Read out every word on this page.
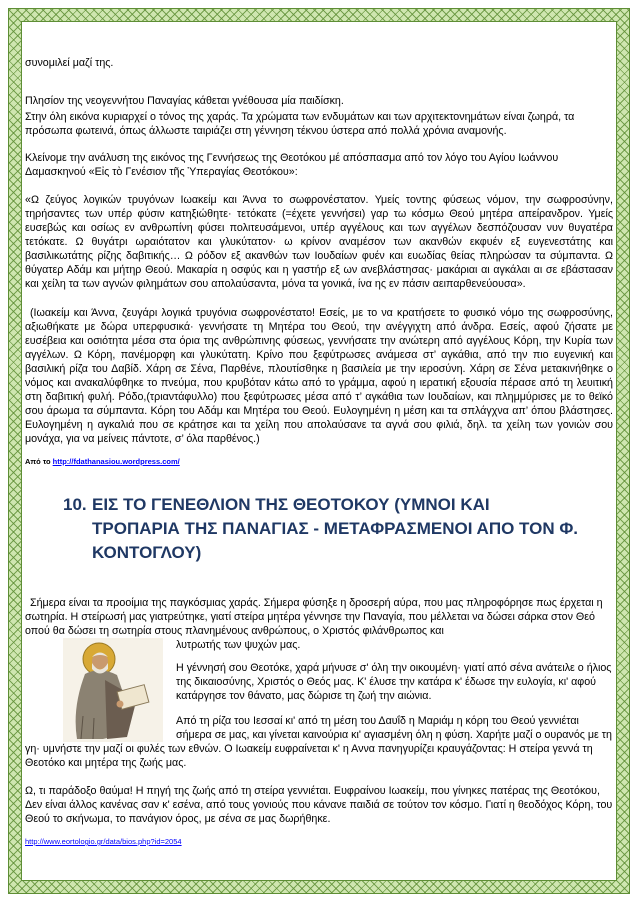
συνομιλεί μαζί της.

Πλησίον της νεογεννήτου Παναγίας κάθεται γνέθουσα μία παιδίσκη.

Στην όλη εικόνα κυριαρχεί ο τόνος της χαράς. Τα χρώματα των ενδυμάτων και των αρχιτεκτονημάτων είναι ζωηρά, τα πρόσωπα φωτεινά, όπως άλλωστε ταιριάζει στη γέννηση τέκνου ύστερα από πολλά χρόνια αναμονής.

Κλείνομε την ανάλυση της εικόνος της Γεννήσεως της Θεοτόκου μέ απόσπασμα από τον λόγο του Αγίου Ιωάννου Δαμασκηνού «Εἰς τὸ Γενέσιον τῆς Ὑπεραγίας Θεοτόκου»:

«Ω ζεύγος λογικών τρυγόνων Ιωακείμ και Άννα το σωφρονέστατον. Υμείς τοντης φύσεως νόμον, την σωφροσύνην, τηρήσαντες των υπέρ φύσιν κατηξιώθητε· τετόκατε (=έχετε γεννήσει) γαρ τω κόσμω Θεού μητέρα απείρανδρον. Υμείς ευσεβώς και οσίως εν ανθρωπίνη φύσει πολιτευσάμενοι, υπέρ αγγέλους και των αγγέλων δεσπόζουσαν νυν θυγατέρα τετόκατε. Ω θυγάτρι ωραιότατον και γλυκύτατον· ω κρίνον αναμέσον των ακανθών εκφυέν εξ ευγενεστάτης και βασιλικωτάτης ρίζης δαβιτικής… Ω ρόδον εξ ακανθών των Ιουδαίων φυέν και ευωδίας θείας πληρώσαν τα σύμπαντα. Ω θύγατερ Αδάμ και μήτηρ Θεού. Μακαρία η οσφύς και η γαστήρ εξ ων ανεβλάστησας· μακάριαι αι αγκάλαι αι σε εβάστασαν και χείλη τα των αγνών φιλημάτων σου απολαύσαντα, μόνα τα γονικά, ίνα ης εν πάσιν αειπαρθενεύουσα».

(Ιωακείμ και Άννα, ζευγάρι λογικά τρυγόνια σωφρονέστατο! Εσείς, με το να κρατήσετε το φυσικό νόμο της σωφροσύνης, αξιωθήκατε με δώρα υπερφυσικά· γεννήσατε τη Μητέρα του Θεού, την ανέγγιχτη από άνδρα. Εσείς, αφού ζήσατε με ευσέβεια και οσιότητα μέσα στα όρια της ανθρώπινης φύσεως, γεννήσατε την ανώτερη από αγγέλους Κόρη, την Κυρία των αγγέλων. Ω Κόρη, πανέμορφη και γλυκύτατη. Κρίνο που ξεφύτρωσες ανάμεσα στ’ αγκάθια, από την πιο ευγενική και βασιλική ρίζα του Δαβίδ. Χάρη σε Σένα, Παρθένε, πλουτίσθηκε η βασιλεία με την ιεροσύνη. Χάρη σε Σένα μετακινήθηκε ο νόμος και ανακαλύφθηκε το πνεύμα, που κρυβόταν κάτω από το γράμμα, αφού η ιερατική εξουσία πέρασε από τη λευιτική στη δαβιτική φυλή. Ρόδο,(τριαντάφυλλο) που ξεφύτρωσες μέσα από τ’ αγκάθια των Ιουδαίων, και πλημμύρισες με το θεϊκό σου άρωμα τα σύμπαντα. Κόρη του Αδάμ και Μητέρα του Θεού. Ευλογημένη η μέση και τα σπλάγχνα απ’ όπου βλάστησες. Ευλογημένη η αγκαλιά που σε κράτησε και τα χείλη που απολαύσανε τα αγνά σου φιλιά, δηλ. τα χείλη των γονιών σου μονάχα, για να μείνεις πάντοτε, σ’ όλα παρθένος.)

Από το http://fdathanasiou.wordpress.com/

10. ΕΙΣ ΤΟ ΓΕΝΕΘΛΙΟΝ ΤΗΣ ΘΕΟΤΟΚΟΥ (ΥΜΝΟΙ ΚΑΙ
ΤΡΟΠΑΡΙΑ ΤΗΣ ΠΑΝΑΓΙΑΣ - ΜΕΤΑΦΡΑΣΜΕΝΟΙ ΑΠΟ ΤΟΝ Φ.
ΚΟΝΤΟΓΛΟΥ)

Σήμερα είναι τα προοίμια της παγκόσμιας χαράς. Σήμερα φύσηξε η δροσερή αύρα, που μας πληροφόρησε πως έρχεται η σωτηρία. Η στείρωσή μας γιατρεύτηκε, γιατί στείρα μητέρα γέννησε την Παναγία, που μέλλεται να δώσει σάρκα στον Θεό οπού θα δώσει τη σωτηρία στους πλανημένους ανθρώπους, ο Χριστός φιλάνθρωπος και
λυτρωτής των ψυχών μας.

Η γέννησή σου Θεοτόκε, χαρά μήνυσε σ' όλη την οικουμένη· γιατί από σένα ανάτειλε ο ήλιος της δικαιοσύνης, Χριστός ο Θεός μας. Κ' έλυσε την κατάρα κ' έδωσε την ευλογία, κι' αφού κατάργησε τον θάνατο, μας δώρισε τη ζωή την αιώνια.

Από τη ρίζα του Ιεσσαί κι' από τη μέση του Δαυΐδ η Μαριάμ η κόρη του Θεού γεννιέται σήμερα σε μας, και γίνεται καινούρια κι' αγιασμένη όλη η φύση. Χαρήτε μαζί ο ουρανός με τη γη· υμνήστε την μαζί οι φυλές των εθνών. Ο Ιωακείμ ευφραίνεται κ' η Αννα πανηγυρίζει κραυγάζοντας: Η στείρα γεννά τη Θεοτόκο και μητέρα της ζωής μας.

Ω, τι παράδοξο θαύμα! Η πηγή της ζωής από τη στείρα γεννιέται. Ευφραίνου Ιωακείμ, που γίνηκες πατέρας της Θεοτόκου, Δεν είναι άλλος κανένας σαν κ' εσένα, από τους γονιούς που κάνανε παιδιά σε τούτον τον κόσμο. Γιατί η θεοδόχος Κόρη, του Θεού το σκήνωμα, το πανάγιον όρος, με σένα σε μας δωρήθηκε.

http://www.eortologio.gr/data/bios.php?id=2054
